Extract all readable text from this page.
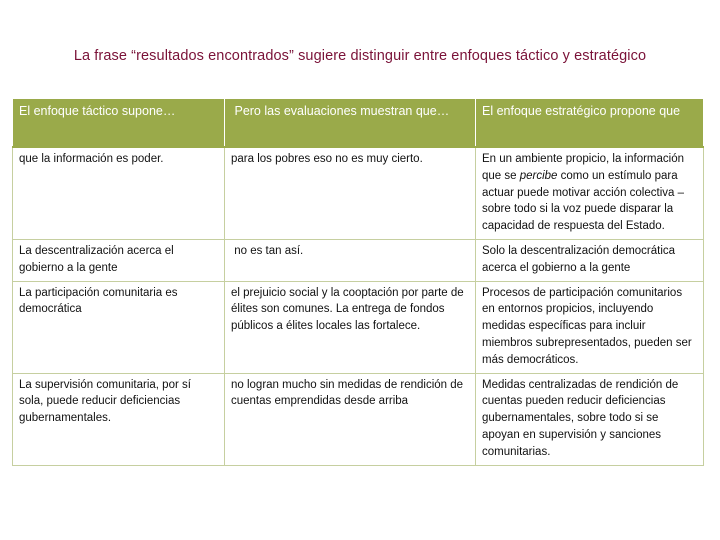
La frase “resultados encontrados” sugiere distinguir entre enfoques táctico y estratégico
El enfoque táctico supone…	Pero las evaluaciones muestran que…	El enfoque estratégico propone que
que la información es poder.	para los pobres eso no es muy cierto.	En un ambiente propicio, la información que se percibe como un estímulo para actuar puede motivar acción colectiva – sobre todo si la voz puede disparar la capacidad de respuesta del Estado.
La descentralización acerca el gobierno a la gente	no es tan así.	Solo la descentralización democrática acerca el gobierno a la gente
La participación comunitaria es democrática	el prejuicio social y la cooptación por parte de élites son comunes. La entrega de fondos públicos a élites locales las fortalece.	Procesos de participación comunitarios en entornos propicios, incluyendo medidas específicas para incluir miembros subrepresentados, pueden ser más democráticos.
La supervisión comunitaria, por sí sola, puede reducir deficiencias gubernamentales.	no logran mucho sin medidas de rendición de cuentas emprendidas desde arriba	Medidas centralizadas de rendición de cuentas pueden reducir deficiencias gubernamentales, sobre todo si se apoyan en supervisión y sanciones comunitarias.
